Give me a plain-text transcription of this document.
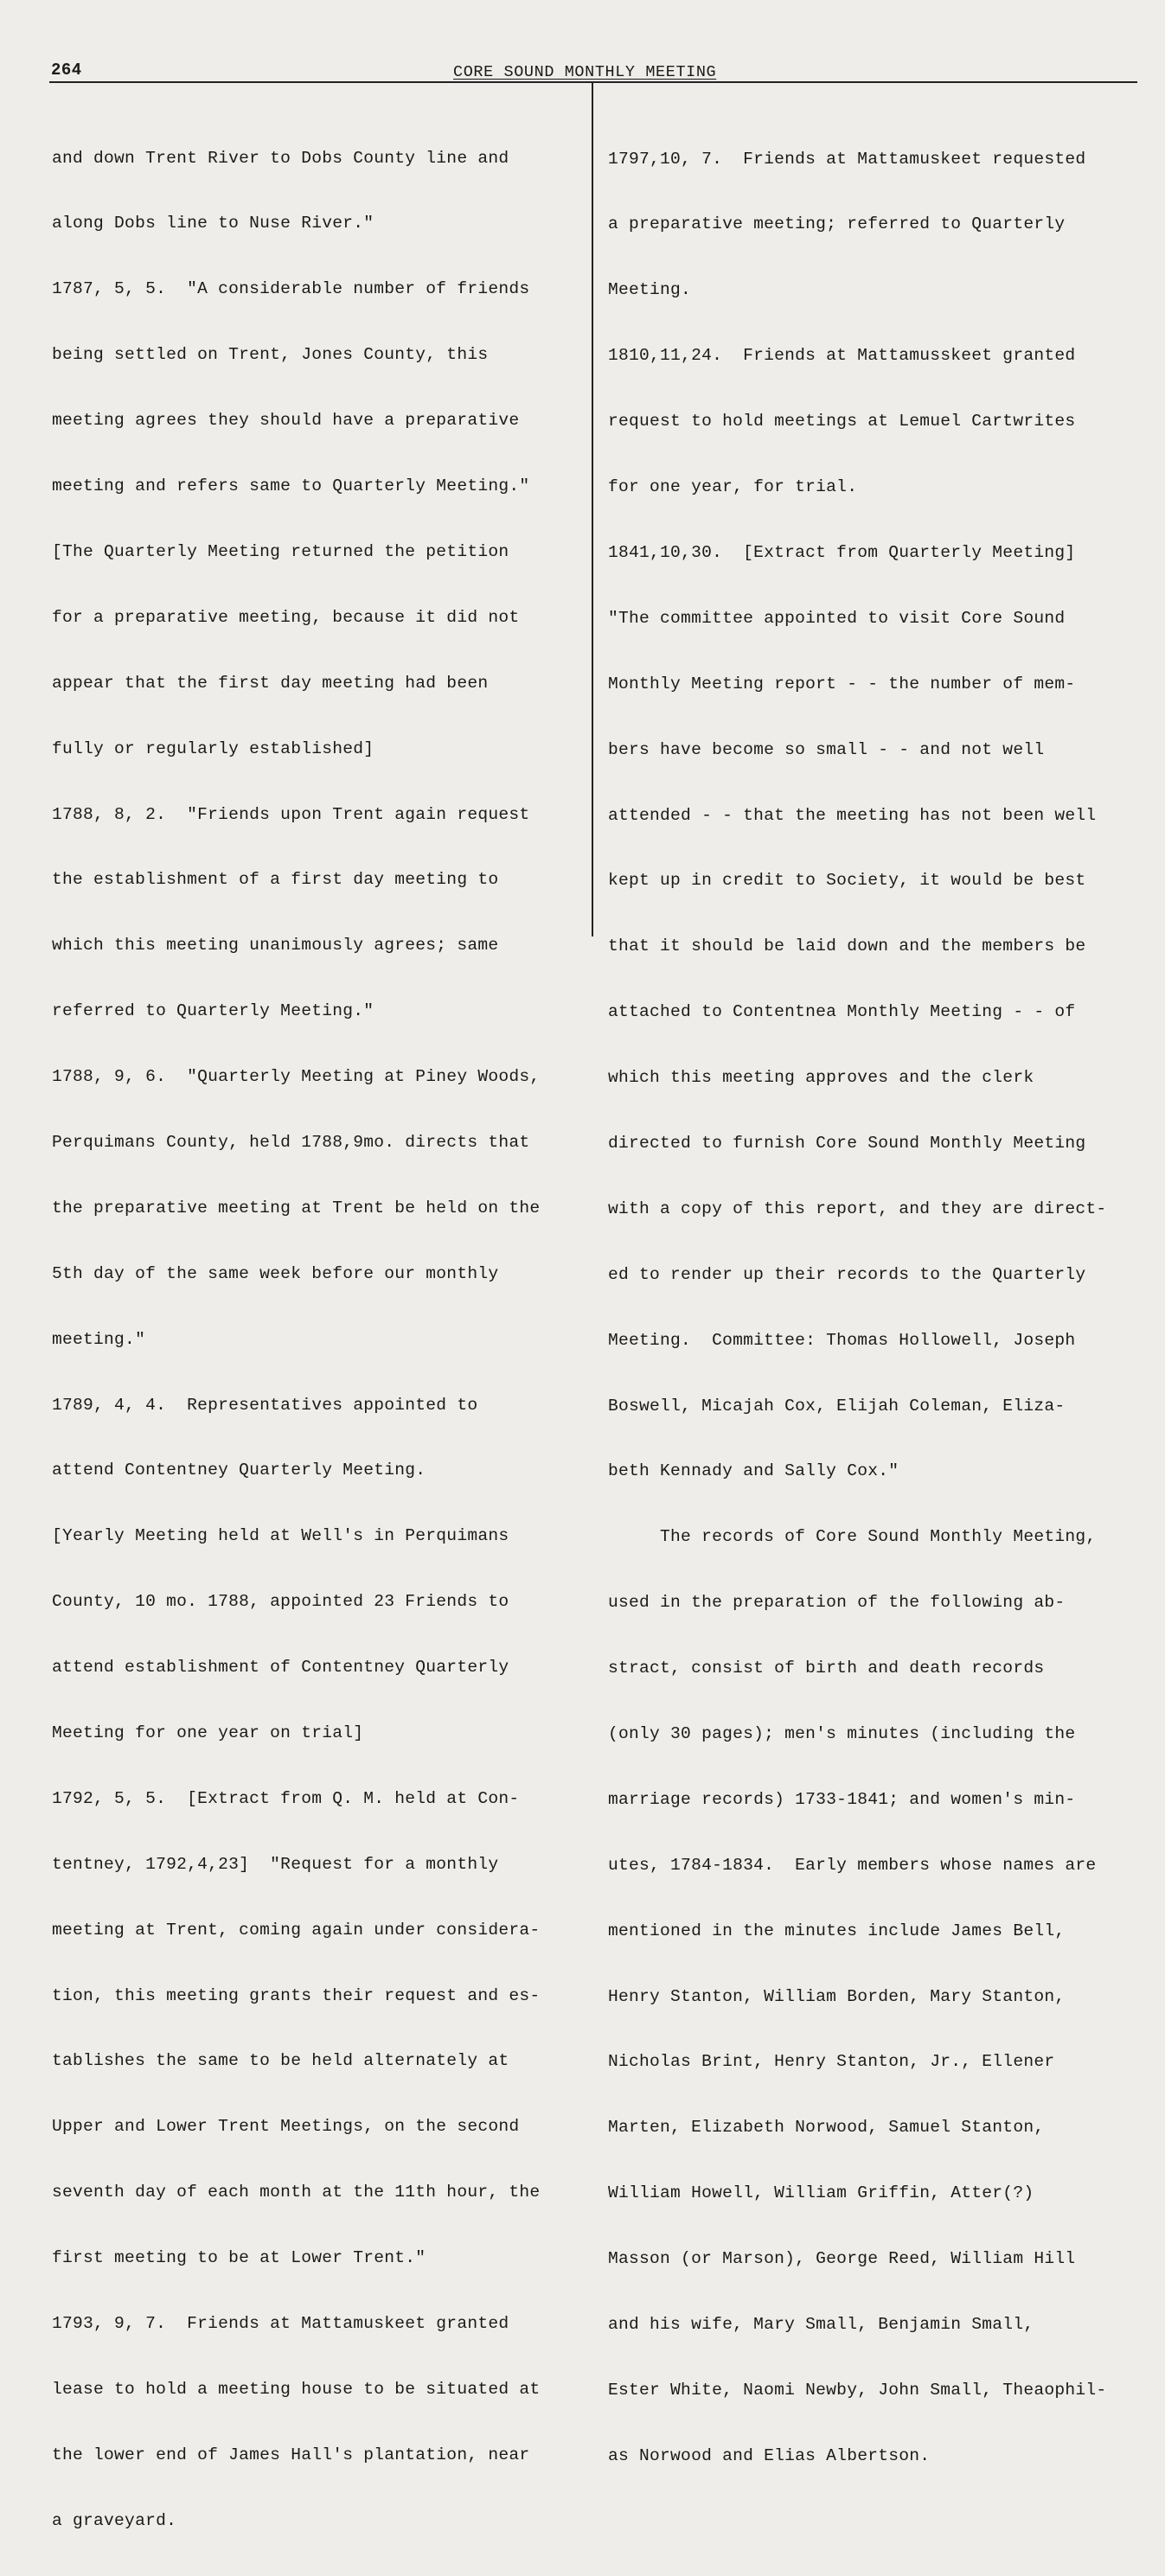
264	CORE SOUND MONTHLY MEETING

and down Trent River to Dobs County line and

along Dobs line to Nuse River."

1787, 5, 5.  "A considerable number of friends

being settled on Trent, Jones County, this

meeting agrees they should have a preparative

meeting and refers same to Quarterly Meeting."

[The Quarterly Meeting returned the petition

for a preparative meeting, because it did not

appear that the first day meeting had been

fully or regularly established]

1788, 8, 2.  "Friends upon Trent again request

the establishment of a first day meeting to

which this meeting unanimously agrees; same

referred to Quarterly Meeting."

1788, 9, 6.  "Quarterly Meeting at Piney Woods,

Perquimans County, held 1788,9mo. directs that

the preparative meeting at Trent be held on the

5th day of the same week before our monthly

meeting."

1789, 4, 4.  Representatives appointed to

attend Contentney Quarterly Meeting.

[Yearly Meeting held at Well's in Perquimans

County, 10 mo. 1788, appointed 23 Friends to

attend establishment of Contentney Quarterly

Meeting for one year on trial]

1792, 5, 5.  [Extract from Q. M. held at Con-

tentney, 1792,4,23]  "Request for a monthly

meeting at Trent, coming again under considera-

tion, this meeting grants their request and es-

tablishes the same to be held alternately at

Upper and Lower Trent Meetings, on the second

seventh day of each month at the 11th hour, the

first meeting to be at Lower Trent."

1793, 9, 7.  Friends at Mattamuskeet granted

lease to hold a meeting house to be situated at

the lower end of James Hall's plantation, near

a graveyard.

1797,10, 7.  Friends at Mattamuskeet requested

a preparative meeting; referred to Quarterly

Meeting.

1810,11,24.  Friends at Mattamusskeet granted

request to hold meetings at Lemuel Cartwrites

for one year, for trial.

1841,10,30.  [Extract from Quarterly Meeting]

"The committee appointed to visit Core Sound

Monthly Meeting report - - the number of mem-

bers have become so small - - and not well

attended - - that the meeting has not been well

kept up in credit to Society, it would be best

that it should be laid down and the members be

attached to Contentnea Monthly Meeting - - of

which this meeting approves and the clerk

directed to furnish Core Sound Monthly Meeting

with a copy of this report, and they are direct-

ed to render up their records to the Quarterly

Meeting.  Committee: Thomas Hollowell, Joseph

Boswell, Micajah Cox, Elijah Coleman, Eliza-

beth Kennady and Sally Cox."

The records of Core Sound Monthly Meeting,

used in the preparation of the following ab-

stract, consist of birth and death records

(only 30 pages); men's minutes (including the

marriage records) 1733-1841; and women's min-

utes, 1784-1834.  Early members whose names are

mentioned in the minutes include James Bell,

Henry Stanton, William Borden, Mary Stanton,

Nicholas Brint, Henry Stanton, Jr., Ellener

Marten, Elizabeth Norwood, Samuel Stanton,

William Howell, William Griffin, Atter(?)

Masson (or Marson), George Reed, William Hill

and his wife, Mary Small, Benjamin Small,

Ester White, Naomi Newby, John Small, Theaophil-

as Norwood and Elias Albertson.
